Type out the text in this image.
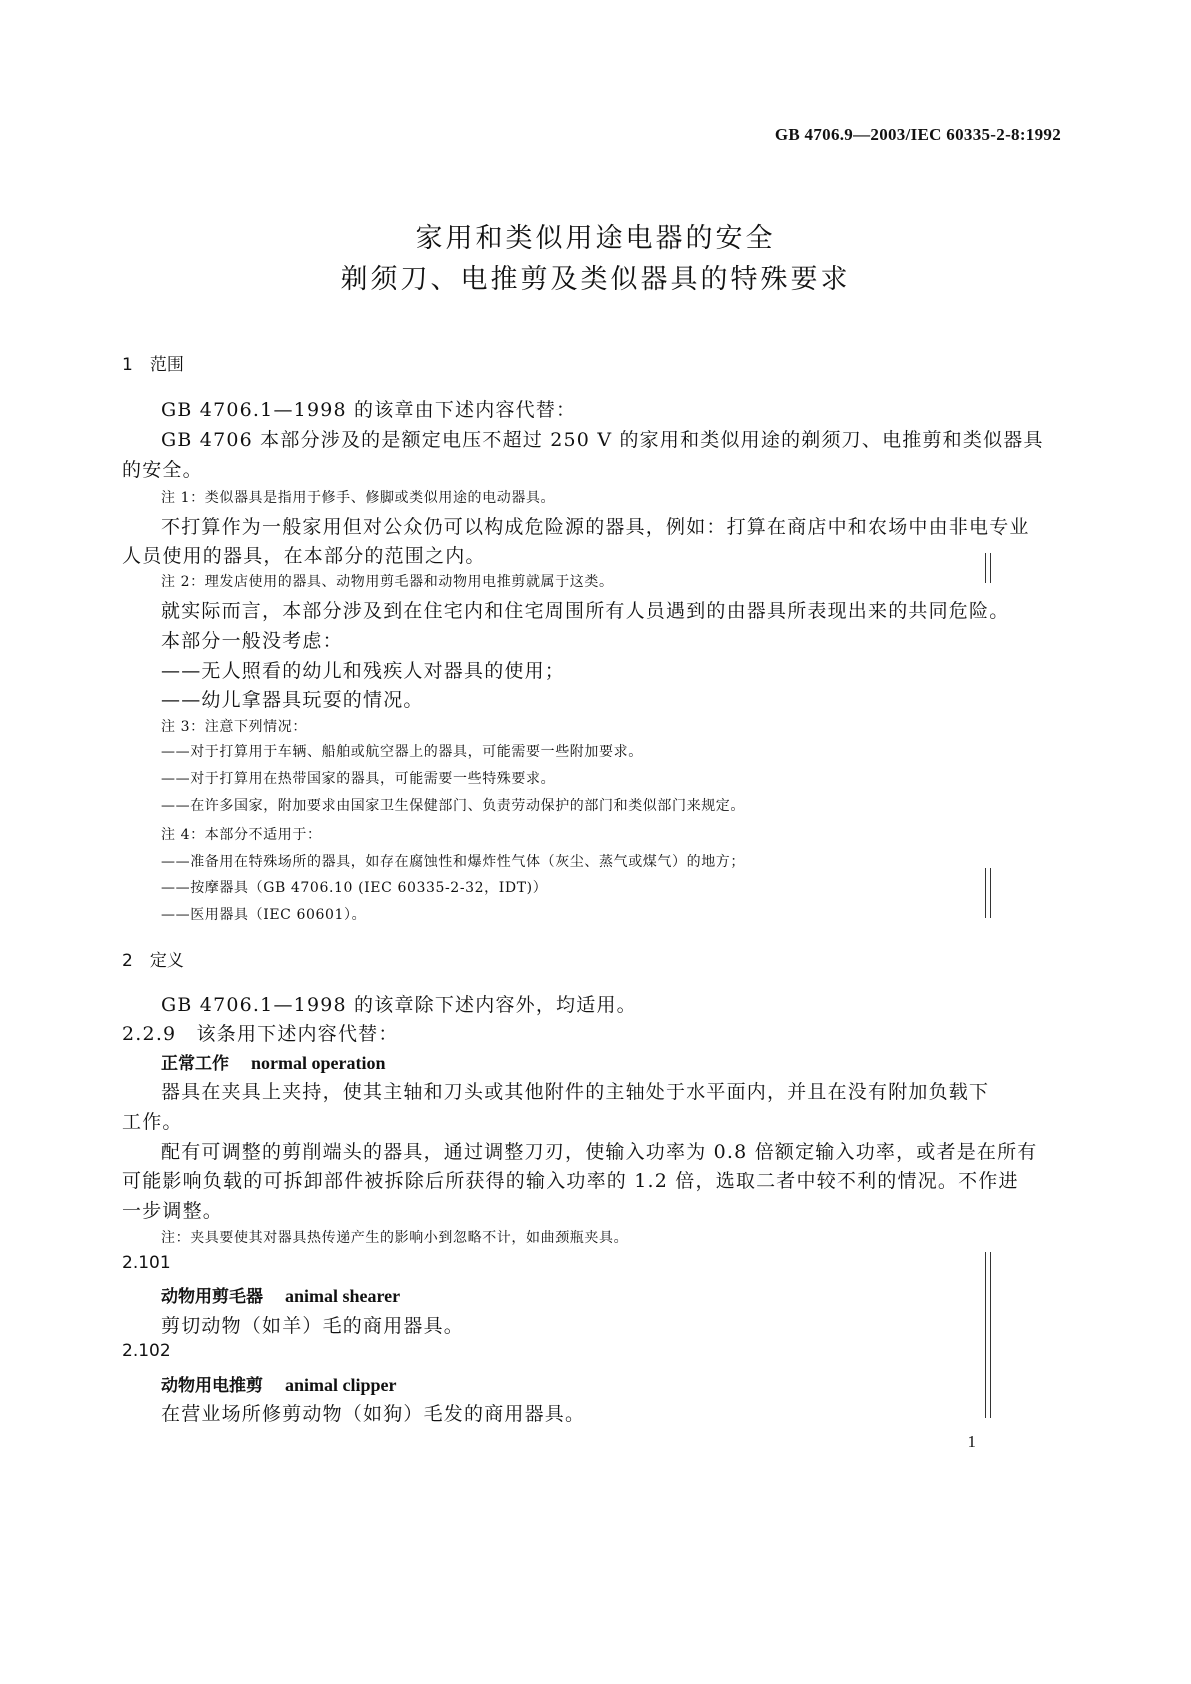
GB 4706.9—2003/IEC 60335-2-8:1992
家用和类似用途电器的安全
剃须刀、电推剪及类似器具的特殊要求
1　范围
GB 4706.1—1998 的该章由下述内容代替：
GB 4706 本部分涉及的是额定电压不超过 250 V 的家用和类似用途的剃须刀、电推剪和类似器具
的安全。
注 1：类似器具是指用于修手、修脚或类似用途的电动器具。
不打算作为一般家用但对公众仍可以构成危险源的器具，例如：打算在商店中和农场中由非电专业
人员使用的器具，在本部分的范围之内。
注 2：理发店使用的器具、动物用剪毛器和动物用电推剪就属于这类。
就实际而言，本部分涉及到在住宅内和住宅周围所有人员遇到的由器具所表现出来的共同危险。
本部分一般没考虑：
——无人照看的幼儿和残疾人对器具的使用；
——幼儿拿器具玩耍的情况。
注 3：注意下列情况：
——对于打算用于车辆、船舶或航空器上的器具，可能需要一些附加要求。
——对于打算用在热带国家的器具，可能需要一些特殊要求。
——在许多国家，附加要求由国家卫生保健部门、负责劳动保护的部门和类似部门来规定。
注 4：本部分不适用于：
——准备用在特殊场所的器具，如存在腐蚀性和爆炸性气体（灰尘、蒸气或煤气）的地方；
——按摩器具（GB 4706.10 (IEC 60335-2-32，IDT)）
——医用器具（IEC 60601）。
2　定义
GB 4706.1—1998 的该章除下述内容外，均适用。
2.2.9　该条用下述内容代替：
正常工作 normal operation
器具在夹具上夹持，使其主轴和刀头或其他附件的主轴处于水平面内，并且在没有附加负载下
工作。
配有可调整的剪削端头的器具，通过调整刀刃，使输入功率为 0.8 倍额定输入功率，或者是在所有
可能影响负载的可拆卸部件被拆除后所获得的输入功率的 1.2 倍，选取二者中较不利的情况。不作进
一步调整。
注：夹具要使其对器具热传递产生的影响小到忽略不计，如曲颈瓶夹具。
2.101
动物用剪毛器 animal shearer
剪切动物（如羊）毛的商用器具。
2.102
动物用电推剪 animal clipper
在营业场所修剪动物（如狗）毛发的商用器具。
1
